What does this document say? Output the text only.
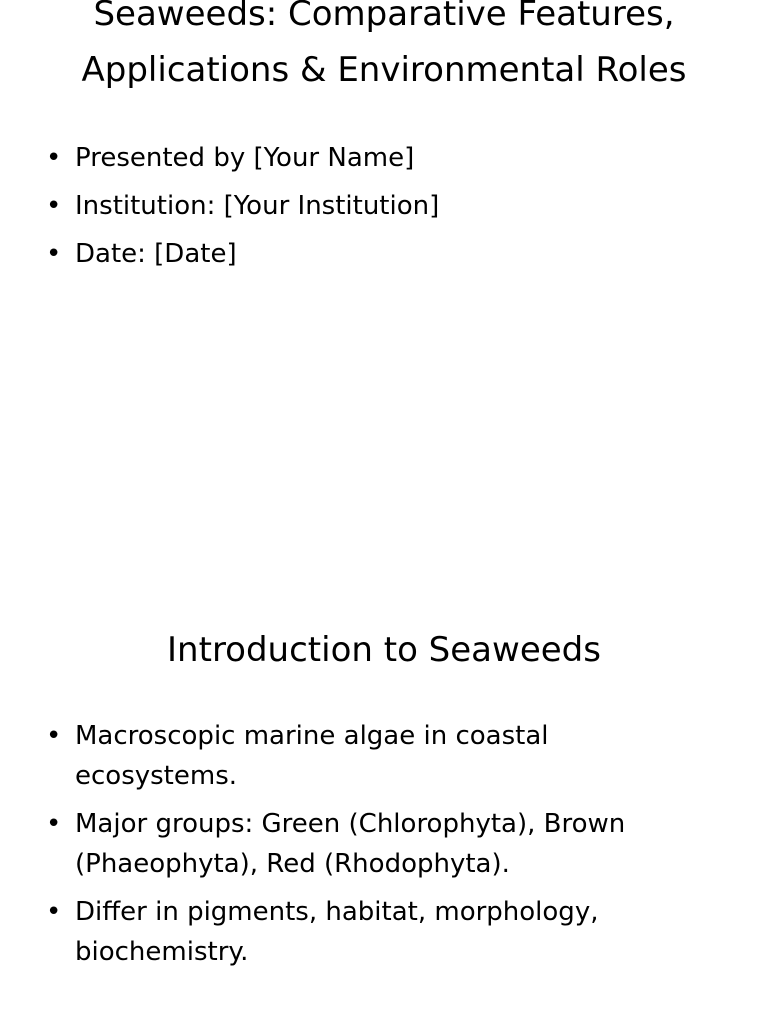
Seaweeds: Comparative Features, Applications & Environmental Roles
• Presented by [Your Name]
• Institution: [Your Institution]
• Date: [Date]
Introduction to Seaweeds
• Macroscopic marine algae in coastal ecosystems.
• Major groups: Green (Chlorophyta), Brown (Phaeophyta), Red (Rhodophyta).
• Differ in pigments, habitat, morphology, biochemistry.
